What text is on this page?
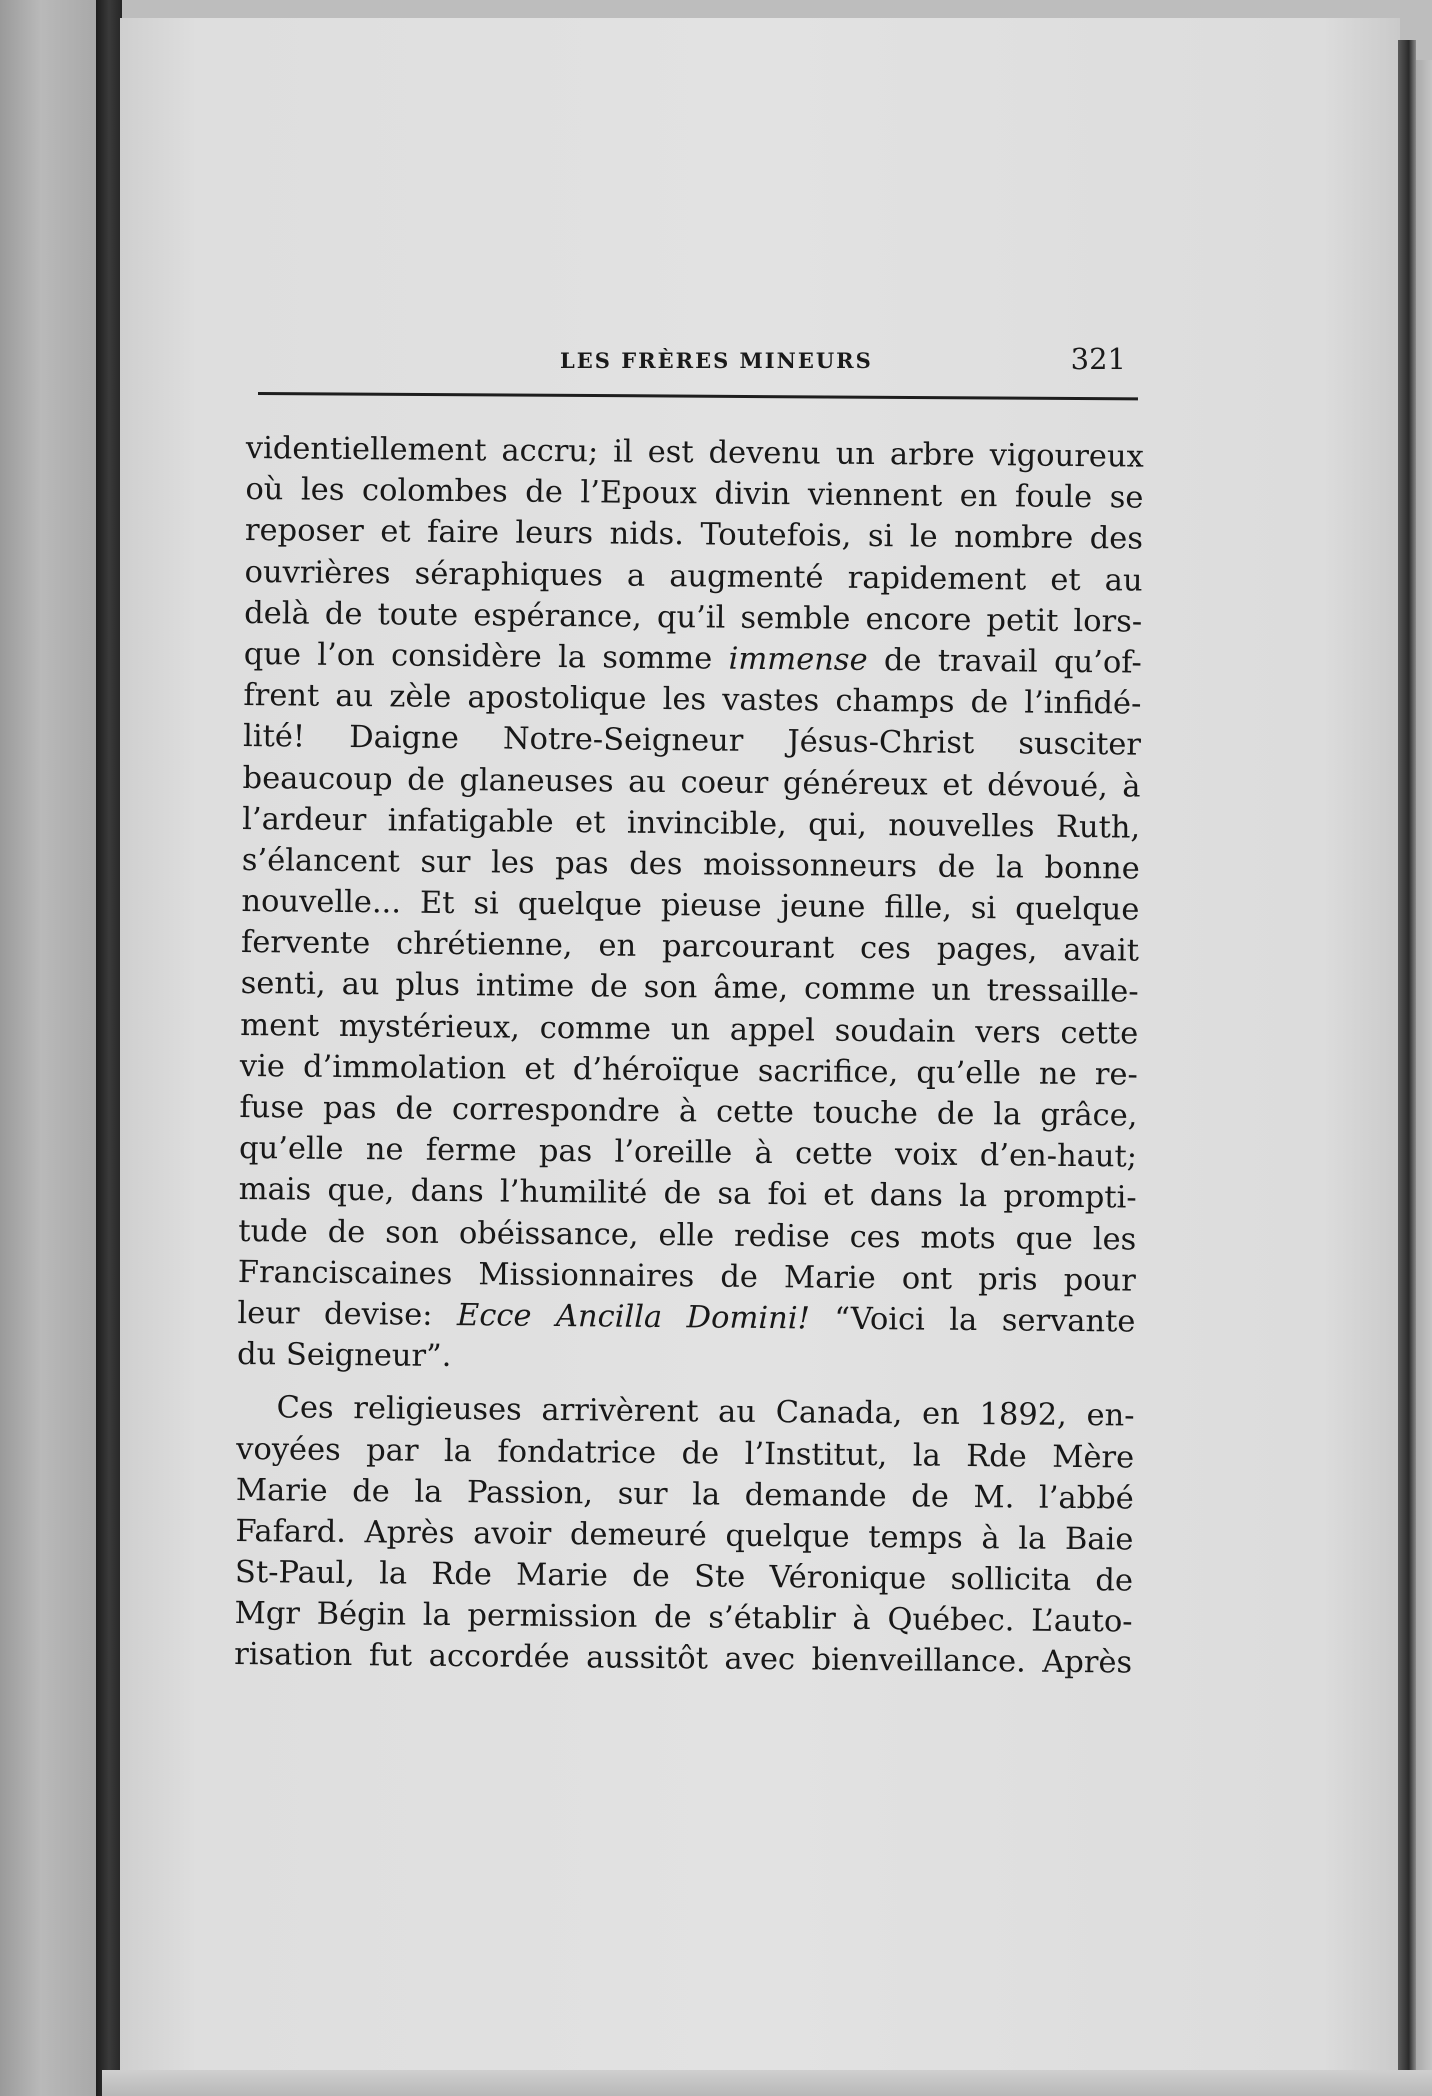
LES FRÈRES MINEURS	321
videntiellement accru; il est devenu un arbre vigoureux
où les colombes de l’Epoux divin viennent en foule se
reposer et faire leurs nids. Toutefois, si le nombre des
ouvrières séraphiques a augmenté rapidement et au
delà de toute espérance, qu’il semble encore petit lors-
que l’on considère la somme immense de travail qu’of-
frent au zèle apostolique les vastes champs de l’infidé-
lité! Daigne Notre-Seigneur Jésus-Christ susciter
beaucoup de glaneuses au coeur généreux et dévoué, à
l’ardeur infatigable et invincible, qui, nouvelles Ruth,
s’élancent sur les pas des moissonneurs de la bonne
nouvelle... Et si quelque pieuse jeune fille, si quelque
fervente chrétienne, en parcourant ces pages, avait
senti, au plus intime de son âme, comme un tressaille-
ment mystérieux, comme un appel soudain vers cette
vie d’immolation et d’héroïque sacrifice, qu’elle ne re-
fuse pas de correspondre à cette touche de la grâce,
qu’elle ne ferme pas l’oreille à cette voix d’en-haut;
mais que, dans l’humilité de sa foi et dans la prompti-
tude de son obéissance, elle redise ces mots que les
Franciscaines Missionnaires de Marie ont pris pour
leur devise: Ecce Ancilla Domini! “Voici la servante
du Seigneur”.
Ces religieuses arrivèrent au Canada, en 1892, en-
voyées par la fondatrice de l’Institut, la Rde Mère
Marie de la Passion, sur la demande de M. l’abbé
Fafard. Après avoir demeuré quelque temps à la Baie
St-Paul, la Rde Marie de Ste Véronique sollicita de
Mgr Bégin la permission de s’établir à Québec. L’auto-
risation fut accordée aussitôt avec bienveillance. Après
